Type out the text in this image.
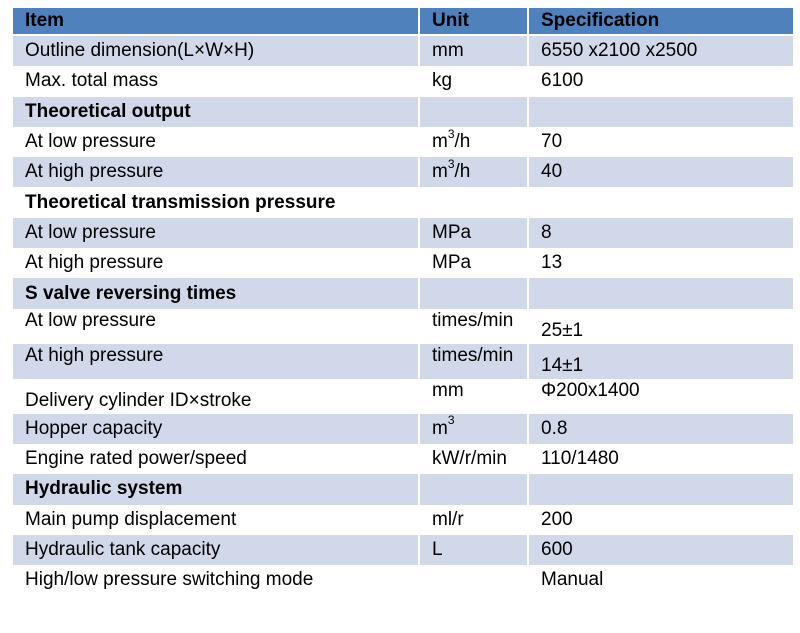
Item	Unit	Specification
Outline dimension(L×W×H)	mm	6550 x2100 x2500
Max. total mass	kg	6100
Theoretical output		
At low pressure	$m^3/h$	70
At high pressure	$m^3/h$	40
Theoretical transmission pressure		
At low pressure	MPa	8
At high pressure	MPa	13
S valve reversing times		
At low pressure	times/min	25±1
At high pressure	times/min	14±1
Delivery cylinder ID×stroke	mm	Φ200x1400
Hopper capacity	$m^3$	0.8
Engine rated power/speed	kW/r/min	110/1480
Hydraulic system		
Main pump displacement	ml/r	200
Hydraulic tank capacity	L	600
High/low pressure switching mode		Manual
